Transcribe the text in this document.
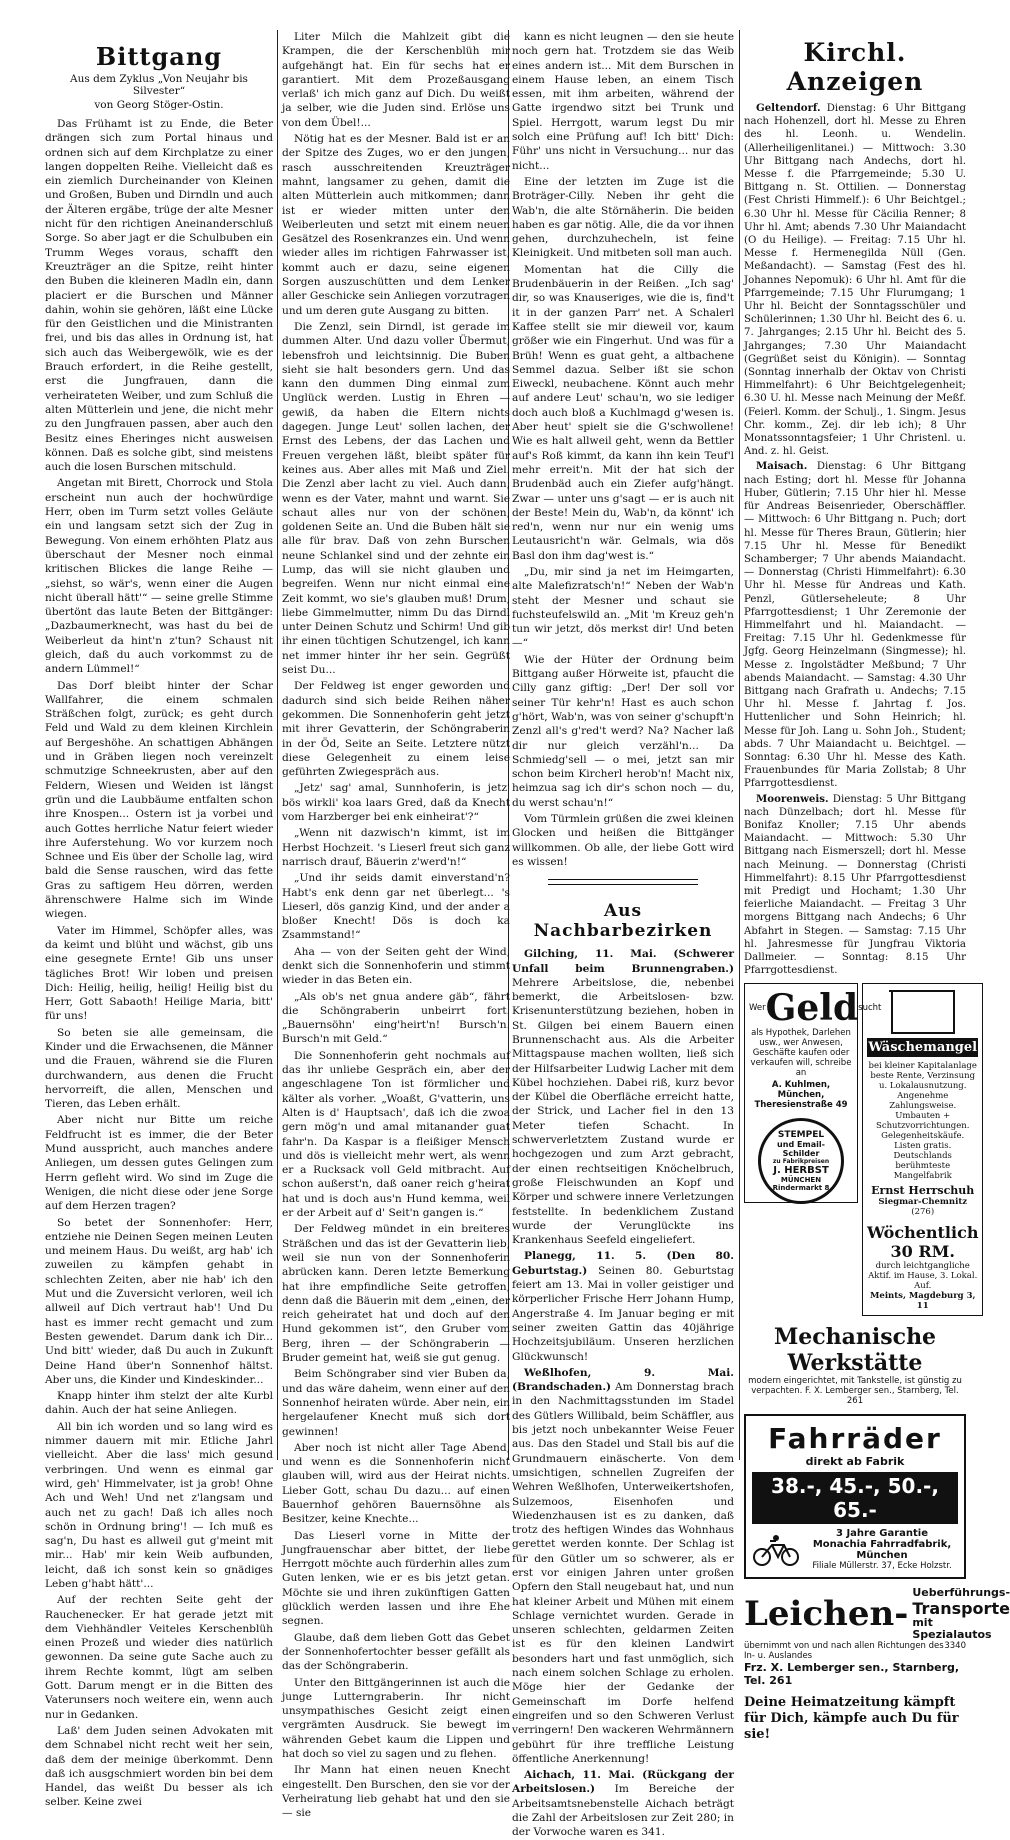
Bittgang
Aus dem Zyklus „Von Neujahr bis Silvester“
von Georg Stöger-Ostin.

Das Frühamt ist zu Ende, die Beter drängen sich zum Portal hinaus und ordnen sich auf dem Kirchplatze zu einer langen doppelten Reihe. Vielleicht daß es ein ziemlich Durcheinander von Kleinen und Großen, Buben und Dirndln und auch der Älteren ergäbe, trüge der alte Mesner nicht für den richtigen Aneinanderschluß Sorge. So aber jagt er die Schulbuben ein Trumm Weges voraus, schafft den Kreuzträger an die Spitze, reiht hinter den Buben die kleineren Madln ein, dann placiert er die Burschen und Männer dahin, wohin sie gehören, läßt eine Lücke für den Geistlichen und die Ministranten frei, und bis das alles in Ordnung ist, hat sich auch das Weibergewölk, wie es der Brauch erfordert, in die Reihe gestellt, erst die Jungfrauen, dann die verheirateten Weiber, und zum Schluß die alten Mütterlein und jene, die nicht mehr zu den Jungfrauen passen, aber auch den Besitz eines Eheringes nicht ausweisen können. Daß es solche gibt, sind meistens auch die losen Burschen mitschuld.

Angetan mit Birett, Chorrock und Stola erscheint nun auch der hochwürdige Herr, oben im Turm setzt volles Geläute ein und langsam setzt sich der Zug in Bewegung. Von einem erhöhten Platz aus überschaut der Mesner noch einmal kritischen Blickes die lange Reihe — „siehst, so wär's, wenn einer die Augen nicht überall hätt'“ — seine grelle Stimme übertönt das laute Beten der Bittgänger: „Dazbaumerknecht, was hast du bei de Weiberleut da hint'n z'tun? Schaust nit gleich, daß du auch vorkommst zu de andern Lümmel!“

Das Dorf bleibt hinter der Schar Wallfahrer, die einem schmalen Sträßchen folgt, zurück; es geht durch Feld und Wald zu dem kleinen Kirchlein auf Bergeshöhe. An schattigen Abhängen und in Gräben liegen noch vereinzelt schmutzige Schneekrusten, aber auf den Feldern, Wiesen und Weiden ist längst grün und die Laubbäume entfalten schon ihre Knospen... Ostern ist ja vorbei und auch Gottes herrliche Natur feiert wieder ihre Auferstehung. Wo vor kurzem noch Schnee und Eis über der Scholle lag, wird bald die Sense rauschen, wird das fette Gras zu saftigem Heu dörren, werden ährenschwere Halme sich im Winde wiegen.

Vater im Himmel, Schöpfer alles, was da keimt und blüht und wächst, gib uns eine gesegnete Ernte! Gib uns unser tägliches Brot! Wir loben und preisen Dich: Heilig, heilig, heilig! Heilig bist du Herr, Gott Sabaoth! Heilige Maria, bitt' für uns!

So beten sie alle gemeinsam, die Kinder und die Erwachsenen, die Männer und die Frauen, während sie die Fluren durchwandern, aus denen die Frucht hervorreift, die allen, Menschen und Tieren, das Leben erhält.

Aber nicht nur Bitte um reiche Feldfrucht ist es immer, die der Beter Mund ausspricht, auch manches andere Anliegen, um dessen gutes Gelingen zum Herrn gefleht wird. Wo sind im Zuge die Wenigen, die nicht diese oder jene Sorge auf dem Herzen tragen?

So betet der Sonnenhofer: Herr, entziehe nie Deinen Segen meinen Leuten und meinem Haus. Du weißt, arg hab' ich zuweilen zu kämpfen gehabt in schlechten Zeiten, aber nie hab' ich den Mut und die Zuversicht verloren, weil ich allweil auf Dich vertraut hab'! Und Du hast es immer recht gemacht und zum Besten gewendet. Darum dank ich Dir... Und bitt' wieder, daß Du auch in Zukunft Deine Hand über'n Sonnenhof hältst. Aber uns, die Kinder und Kindeskinder...

Knapp hinter ihm stelzt der alte Kurbl dahin. Auch der hat seine Anliegen.

All bin ich worden und so lang wird es nimmer dauern mit mir. Etliche Jahrl vielleicht. Aber die lass' mich gesund verbringen. Und wenn es einmal gar wird, geh' Himmelvater, ist ja grob! Ohne Ach und Weh! Und net z'langsam und auch net zu gach! Daß ich alles noch schön in Ordnung bring'! — Ich muß es sag'n, Du hast es allweil gut g'meint mit mir... Hab' mir kein Weib aufbunden, leicht, daß ich sonst kein so gnädiges Leben g'habt hätt'...

Auf der rechten Seite geht der Rauchenecker. Er hat gerade jetzt mit dem Viehhändler Veiteles Kerschenblüh einen Prozeß und wieder dies natürlich gewonnen. Da seine gute Sache auch zu ihrem Rechte kommt, lügt am selben Gott. Darum mengt er in die Bitten des Vaterunsers noch weitere ein, wenn auch nur in Gedanken.

Laß' dem Juden seinen Advokaten mit dem Schnabel nicht recht weit her sein, daß dem der meinige überkommt. Denn daß ich ausgschmiert worden bin bei dem Handel, das weißt Du besser als ich selber. Keine zwei

Liter Milch die Mahlzeit gibt die Krampen, die der Kerschenblüh mir aufgehängt hat. Ein für sechs hat er garantiert. Mit dem Prozeßausgang verlaß' ich mich ganz auf Dich. Du weißt ja selber, wie die Juden sind. Erlöse uns von dem Übel!...

Nötig hat es der Mesner. Bald ist er an der Spitze des Zuges, wo er den jungen, rasch ausschreitenden Kreuzträger mahnt, langsamer zu gehen, damit die alten Mütterlein auch mitkommen; dann ist er wieder mitten unter den Weiberleuten und setzt mit einem neuen Gesätzel des Rosenkranzes ein. Und wenn wieder alles im richtigen Fahrwasser ist, kommt auch er dazu, seine eigenen Sorgen auszuschütten und dem Lenker aller Geschicke sein Anliegen vorzutragen und um deren gute Ausgang zu bitten.

Die Zenzl, sein Dirndl, ist gerade im dummen Alter. Und dazu voller Übermut, lebensfroh und leichtsinnig. Die Buben sieht sie halt besonders gern. Und das kann den dummen Ding einmal zum Unglück werden. Lustig in Ehren — gewiß, da haben die Eltern nichts dagegen. Junge Leut' sollen lachen, der Ernst des Lebens, der das Lachen und Freuen vergehen läßt, bleibt später für keines aus. Aber alles mit Maß und Ziel. Die Zenzl aber lacht zu viel. Auch dann, wenn es der Vater, mahnt und warnt. Sie schaut alles nur von der schönen, goldenen Seite an. Und die Buben hält sie alle für brav. Daß von zehn Burschen neune Schlankel sind und der zehnte ein Lump, das will sie nicht glauben und begreifen. Wenn nur nicht einmal eine Zeit kommt, wo sie's glauben muß! Drum, liebe Gimmelmutter, nimm Du das Dirndl unter Deinen Schutz und Schirm! Und gib ihr einen tüchtigen Schutzengel, ich kann net immer hinter ihr her sein. Gegrüßt seist Du...

Der Feldweg ist enger geworden und dadurch sind sich beide Reihen näher gekommen. Die Sonnenhoferin geht jetzt mit ihrer Gevatterin, der Schöngraberin in der Öd, Seite an Seite. Letztere nützt diese Gelegenheit zu einem leise geführten Zwiegespräch aus.

„Jetz' sag' amal, Sunnhoferin, is jetz' bös wirkli' koa laars Gred, daß da Knecht vom Harzberger bei enk einheirat'?“

„Wenn nit dazwisch'n kimmt, ist im Herbst Hochzeit. 's Lieserl freut sich ganz narrisch drauf, Bäuerin z'werd'n!“

„Und ihr seids damit einverstand'n? Habt's enk denn gar net überlegt... 's Lieserl, dös ganzig Kind, und der ander a bloßer Knecht! Dös is doch ka Zsammstand!“

Aha — von der Seiten geht der Wind, denkt sich die Sonnenhoferin und stimmt wieder in das Beten ein.

„Als ob's net gnua andere gäb“, fährt die Schöngraberin unbeirrt fort. „Bauernsöhn' eing'heirt'n! Bursch'n. Bursch'n mit Geld.“

Die Sonnenhoferin geht nochmals auf das ihr unliebe Gespräch ein, aber der angeschlagene Ton ist förmlicher und kälter als vorher. „Woaßt, G'vatterin, uns Alten is d' Hauptsach', daß ich die zwoa gern mög'n und amal mitanander guat fahr'n. Da Kaspar is a fleißiger Mensch und dös is vielleicht mehr wert, als wenn er a Rucksack voll Geld mitbracht. Auf schon außerst'n, daß oaner reich g'heirat hat und is doch aus'n Hund kemma, weil er der Arbeit auf d' Seit'n gangen is.“

Der Feldweg mündet in ein breiteres Sträßchen und das ist der Gevatterin lieb, weil sie nun von der Sonnenhoferin abrücken kann. Deren letzte Bemerkung hat ihre empfindliche Seite getroffen, denn daß die Bäuerin mit dem „einen, der reich geheiratet hat und doch auf den Hund gekommen ist“, den Gruber vom Berg, ihren — der Schöngraberin — Bruder gemeint hat, weiß sie gut genug.

Beim Schöngraber sind vier Buben da, und das wäre daheim, wenn einer auf den Sonnenhof heiraten würde. Aber nein, ein hergelaufener Knecht muß sich dort gewinnen!

Aber noch ist nicht aller Tage Abend, und wenn es die Sonnenhoferin nicht glauben will, wird aus der Heirat nichts. Lieber Gott, schau Du dazu... auf einen Bauernhof gehören Bauernsöhne als Besitzer, keine Knechte...

Das Lieserl vorne in Mitte der Jungfrauenschar aber bittet, der liebe Herrgott möchte auch fürderhin alles zum Guten lenken, wie er es bis jetzt getan. Möchte sie und ihren zukünftigen Gatten glücklich werden lassen und ihre Ehe segnen.

Glaube, daß dem lieben Gott das Gebet der Sonnenhofertochter besser gefällt als das der Schöngraberin.

Unter den Bittgängerinnen ist auch die junge Lutterngraberin. Ihr nicht unsympathisches Gesicht zeigt einen vergrämten Ausdruck. Sie bewegt im währenden Gebet kaum die Lippen und hat doch so viel zu sagen und zu flehen.

Ihr Mann hat einen neuen Knecht eingestellt. Den Burschen, den sie vor der Verheiratung lieb gehabt hat und den sie — sie

kann es nicht leugnen — den sie heute noch gern hat. Trotzdem sie das Weib eines andern ist... Mit dem Burschen in einem Hause leben, an einem Tisch essen, mit ihm arbeiten, während der Gatte irgendwo sitzt bei Trunk und Spiel. Herrgott, warum legst Du mir solch eine Prüfung auf! Ich bitt' Dich: Führ' uns nicht in Versuchung... nur das nicht...

Eine der letzten im Zuge ist die Broträger-Cilly. Neben ihr geht die Wab'n, die alte Störnäherin. Die beiden haben es gar nötig. Alle, die da vor ihnen gehen, durchzuhecheln, ist feine Kleinigkeit. Und mitbeten soll man auch.

Momentan hat die Cilly die Brudenbäuerin in der Reißen. „Ich sag' dir, so was Knauseriges, wie die is, find't it in der ganzen Parr' net. A Schalerl Kaffee stellt sie mir dieweil vor, kaum größer wie ein Fingerhut. Und was für a Brüh! Wenn es guat geht, a altbachene Semmel dazua. Selber ißt sie schon Eiweckl, neubachene. Könnt auch mehr auf andere Leut' schau'n, wo sie lediger doch auch bloß a Kuchlmagd g'wesen is. Aber heut' spielt sie die G'schwollene! Wie es halt allweil geht, wenn da Bettler auf's Roß kimmt, da kann ihn kein Teuf'l mehr erreit'n. Mit der hat sich der Brudenbäd auch ein Ziefer aufg'hängt. Zwar — unter uns g'sagt — er is auch nit der Beste! Mein du, Wab'n, da könnt' ich red'n, wenn nur nur ein wenig ums Leutausricht'n wär. Gelmals, wia dös Basl don ihm dag'west is.“

„Du, mir sind ja net im Heimgarten, alte Malefizratsch'n!“ Neben der Wab'n steht der Mesner und schaut sie fuchsteufelswild an. „Mit 'm Kreuz geh'n tun wir jetzt, dös merkst dir! Und beten —“

Wie der Hüter der Ordnung beim Bittgang außer Hörweite ist, pfaucht die Cilly ganz giftig: „Der! Der soll vor seiner Tür kehr'n! Hast es auch schon g'hört, Wab'n, was von seiner g'schupft'n Zenzl all's g'red't werd? Na? Nacher laß dir nur gleich verzähl'n... Da Schmiedg'sell — o mei, jetzt san mir schon beim Kircherl herob'n! Macht nix, heimzua sag ich dir's schon noch — du, du werst schau'n!“

Vom Türmlein grüßen die zwei kleinen Glocken und heißen die Bittgänger willkommen. Ob alle, der liebe Gott wird es wissen!

Aus Nachbarbezirken

Gilching, 11. Mai. (Schwerer Unfall beim Brunnengraben.) Mehrere Arbeitslose, die, nebenbei bemerkt, die Arbeitslosen- bzw. Krisenunterstützung beziehen, hoben in St. Gilgen bei einem Bauern einen Brunnenschacht aus. Als die Arbeiter Mittagspause machen wollten, ließ sich der Hilfsarbeiter Ludwig Lacher mit dem Kübel hochziehen. Dabei riß, kurz bevor der Kübel die Oberfläche erreicht hatte, der Strick, und Lacher fiel in den 13 Meter tiefen Schacht. In schwerverletztem Zustand wurde er hochgezogen und zum Arzt gebracht, der einen rechtseitigen Knöchelbruch, große Fleischwunden an Kopf und Körper und schwere innere Verletzungen feststellte. In bedenklichem Zustand wurde der Verunglückte ins Krankenhaus Seefeld eingeliefert.

Planegg, 11. 5. (Den 80. Geburtstag.) Seinen 80. Geburtstag feiert am 13. Mai in voller geistiger und körperlicher Frische Herr Johann Hump, Angerstraße 4. Im Januar beging er mit seiner zweiten Gattin das 40jährige Hochzeitsjubiläum. Unseren herzlichen Glückwunsch!

Weßlhofen, 9. Mai. (Brandschaden.) Am Donnerstag brach in den Nachmittagsstunden im Stadel des Gütlers Willibald, beim Schäffler, aus bis jetzt noch unbekannter Weise Feuer aus. Das den Stadel und Stall bis auf die Grundmauern einäscherte. Von dem umsichtigen, schnellen Zugreifen der Wehren Weßlhofen, Unterweikertshofen, Sulzemoos, Eisenhofen und Wiedenzhausen ist es zu danken, daß trotz des heftigen Windes das Wohnhaus gerettet werden konnte. Der Schlag ist für den Gütler um so schwerer, als er erst vor einigen Jahren unter großen Opfern den Stall neugebaut hat, und nun hat kleiner Arbeit und Mühen mit einem Schlage vernichtet wurden. Gerade in unseren schlechten, geldarmen Zeiten ist es für den kleinen Landwirt besonders hart und fast unmöglich, sich nach einem solchen Schlage zu erholen. Möge hier der Gedanke der Gemeinschaft im Dorfe helfend eingreifen und so den Schweren Verlust verringern! Den wackeren Wehrmännern gebührt für ihre treffliche Leistung öffentliche Anerkennung!

Aichach, 11. Mai. (Rückgang der Arbeitslosen.) Im Bereiche der Arbeitsamtsnebenstelle Aichach beträgt die Zahl der Arbeitslosen zur Zeit 280; in der Vorwoche waren es 341.

Kirchl. Anzeigen

Geltendorf. Dienstag: 6 Uhr Bittgang nach Hohenzell, dort hl. Messe zu Ehren des hl. Leonh. u. Wendelin. (Allerheiligenlitanei.) — Mittwoch: 3.30 Uhr Bittgang nach Andechs, dort hl. Messe f. die Pfarrgemeinde; 5.30 U. Bittgang n. St. Ottilien. — Donnerstag (Fest Christi Himmelf.): 6 Uhr Beichtgel.; 6.30 Uhr hl. Messe für Cäcilia Renner; 8 Uhr hl. Amt; abends 7.30 Uhr Maiandacht (O du Heilige). — Freitag: 7.15 Uhr hl. Messe f. Hermenegilda Nüll (Gen. Meßandacht). — Samstag (Fest des hl. Johannes Nepomuk): 6 Uhr hl. Amt für die Pfarrgemeinde; 7.15 Uhr Flurumgang; 1 Uhr hl. Beicht der Sonntagsschüler und Schülerinnen; 1.30 Uhr hl. Beicht des 6. u. 7. Jahrganges; 2.15 Uhr hl. Beicht des 5. Jahrganges; 7.30 Uhr Maiandacht (Gegrüßet seist du Königin). — Sonntag (Sonntag innerhalb der Oktav von Christi Himmelfahrt): 6 Uhr Beichtgelegenheit; 6.30 U. hl. Messe nach Meinung der Meßf. (Feierl. Komm. der Schulj., 1. Singm. Jesus Chr. komm., Zej. dir leb ich); 8 Uhr Monatssonntagsfeier; 1 Uhr Christenl. u. And. z. hl. Geist.

Maisach. Dienstag: 6 Uhr Bittgang nach Esting; dort hl. Messe für Johanna Huber, Gütlerin; 7.15 Uhr hier hl. Messe für Andreas Beisenrieder, Oberschäffler. — Mittwoch: 6 Uhr Bittgang n. Puch; dort hl. Messe für Theres Braun, Gütlerin; hier 7.15 Uhr hl. Messe für Benedikt Schamberger; 7 Uhr abends Maiandacht. — Donnerstag (Christi Himmelfahrt): 6.30 Uhr hl. Messe für Andreas und Kath. Penzl, Gütlerseheleute; 8 Uhr Pfarrgottesdienst; 1 Uhr Zeremonie der Himmelfahrt und hl. Maiandacht. — Freitag: 7.15 Uhr hl. Gedenkmesse für Jgfg. Georg Heinzelmann (Singmesse); hl. Messe z. Ingolstädter Meßbund; 7 Uhr abends Maiandacht. — Samstag: 4.30 Uhr Bittgang nach Grafrath u. Andechs; 7.15 Uhr hl. Messe f. Jahrtag f. Jos. Huttenlicher und Sohn Heinrich; hl. Messe für Joh. Lang u. Sohn Joh., Student; abds. 7 Uhr Maiandacht u. Beichtgel. — Sonntag: 6.30 Uhr hl. Messe des Kath. Frauenbundes für Maria Zollstab; 8 Uhr Pfarrgottesdienst.

Moorenweis. Dienstag: 5 Uhr Bittgang nach Dünzelbach; dort hl. Messe für Bonifaz Knoller; 7.15 Uhr abends Maiandacht. — Mittwoch: 5.30 Uhr Bittgang nach Eismerszell; dort hl. Messe nach Meinung. — Donnerstag (Christi Himmelfahrt): 8.15 Uhr Pfarrgottesdienst mit Predigt und Hochamt; 1.30 Uhr feierliche Maiandacht. — Freitag 3 Uhr morgens Bittgang nach Andechs; 6 Uhr Abfahrt in Stegen. — Samstag: 7.15 Uhr hl. Jahresmesse für Jungfrau Viktoria Dallmeier. — Sonntag: 8.15 Uhr Pfarrgottesdienst.

Wer Geld sucht
als Hypothek, Darlehen usw., wer Anwesen, Geschäfte kaufen oder verkaufen will, schreibe an
A. Kuhlmen, München, Theresienstraße 49
STEMPEL
und Email-Schilder
zu Fabrikpreisen
J. HERBST
MÜNCHEN
Rindermarkt 8
Wäschemangel
bei kleiner Kapitalanlage beste Rente, Verzinsung u. Lokalausnutzung. Angenehme Zahlungsweise. Umbauten + Schutzvorrichtungen. Gelegenheitskäufe. Listen gratis. Deutschlands berühmteste Mangelfabrik
Ernst Herrschuh
Siegmar-Chemnitz
(276)
Wöchentlich 30 RM.
durch leichtgangliche Aktif. im Hause, 3. Lokal. Auf.
Meints, Magdeburg 3, 11
Mechanische Werkstätte
modern eingerichtet, mit Tankstelle, ist günstig zu verpachten. F. X. Lemberger sen., Starnberg, Tel. 261
Fahrräder
direkt ab Fabrik
38.-, 45.-, 50.-, 65.-
3 Jahre Garantie
Monachia Fahrradfabrik, München
Filiale Müllerstr. 37, Ecke Holzstr.
Leichen-
Ueberführungs-
Transporte
mit Spezialautos
übernimmt von und nach allen Richtungen des In- u. Auslandes
3340
Frz. X. Lemberger sen., Starnberg, Tel. 261
Deine Heimatzeitung kämpft für Dich, kämpfe auch Du für sie!
